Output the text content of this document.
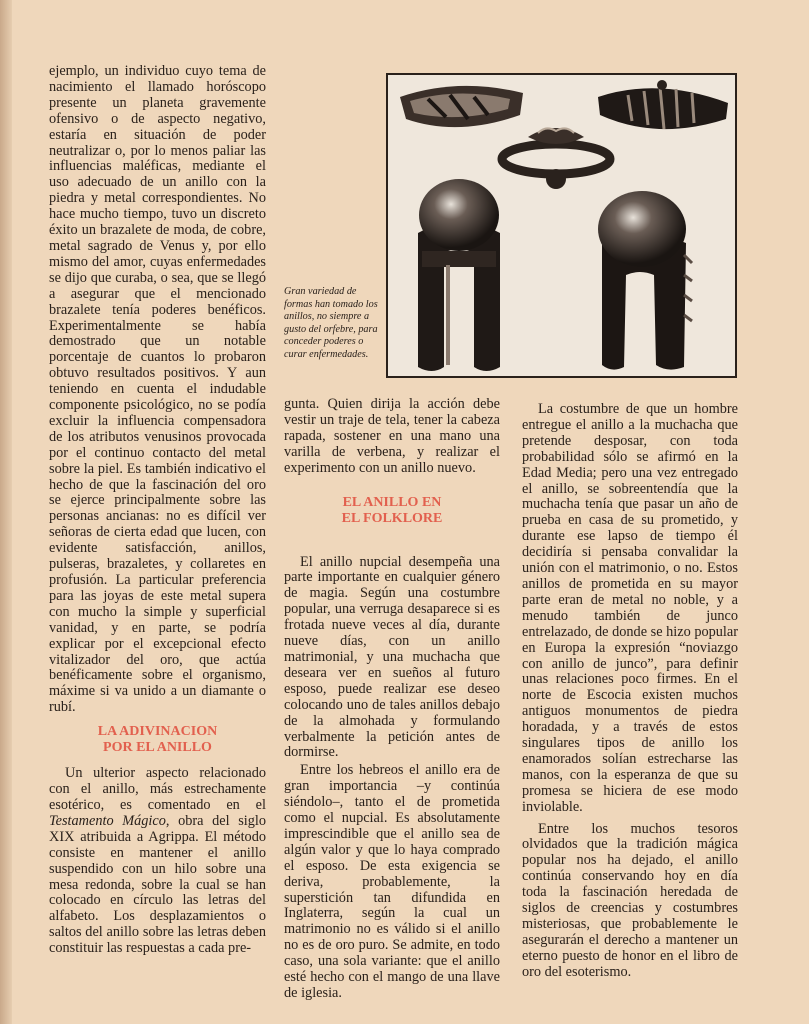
ejemplo, un individuo cuyo tema de nacimiento el llamado horóscopo presente un planeta gravemente ofensivo o de aspecto negativo, estaría en situación de poder neutralizar o, por lo menos paliar las influencias maléficas, mediante el uso adecuado de un anillo con la piedra y metal correspondientes. No hace mucho tiempo, tuvo un discreto éxito un brazalete de moda, de cobre, metal sagrado de Venus y, por ello mismo del amor, cuyas enfermedades se dijo que curaba, o sea, que se llegó a asegurar que el mencionado brazalete tenía poderes benéficos. Experimentalmente se había demostrado que un notable porcentaje de cuantos lo probaron obtuvo resultados positivos. Y aun teniendo en cuenta el indudable componente psicológico, no se podía excluir la influencia compensadora de los atributos venusinos provocada por el continuo contacto del metal sobre la piel. Es también indicativo el hecho de que la fascinación del oro se ejerce principalmente sobre las personas ancianas: no es difícil ver señoras de cierta edad que lucen, con evidente satisfacción, anillos, pulseras, brazaletes, y collaretes en profusión. La particular preferencia para las joyas de este metal supera con mucho la simple y superficial vanidad, y en parte, se podría explicar por el excepcional efecto vitalizador del oro, que actúa benéficamente sobre el organismo, máxime si va unido a un diamante o rubí.

LA ADIVINACION
POR EL ANILLO

Un ulterior aspecto relacionado con el anillo, más estrechamente esotérico, es comentado en el Testamento Mágico, obra del siglo XIX atribuida a Agrippa. El método consiste en mantener el anillo suspendido con un hilo sobre una mesa redonda, sobre la cual se han colocado en círculo las letras del alfabeto. Los desplazamientos o saltos del anillo sobre las letras deben constituir las respuestas a cada pre-

Gran variedad de formas han tomado los anillos, no siempre a gusto del orfebre, para conceder poderes o curar enfermedades.

gunta. Quien dirija la acción debe vestir un traje de tela, tener la cabeza rapada, sostener en una mano una varilla de verbena, y realizar el experimento con un anillo nuevo.

EL ANILLO EN
EL FOLKLORE

El anillo nupcial desempeña una parte importante en cualquier género de magia. Según una costumbre popular, una verruga desaparece si es frotada nueve veces al día, durante nueve días, con un anillo matrimonial, y una muchacha que deseara ver en sueños al futuro esposo, puede realizar ese deseo colocando uno de tales anillos debajo de la almohada y formulando verbalmente la petición antes de dormirse.

Entre los hebreos el anillo era de gran importancia –y continúa siéndolo–, tanto el de prometida como el nupcial. Es absolutamente imprescindible que el anillo sea de algún valor y que lo haya comprado el esposo. De esta exigencia se deriva, probablemente, la superstición tan difundida en Inglaterra, según la cual un matrimonio no es válido si el anillo no es de oro puro. Se admite, en todo caso, una sola variante: que el anillo esté hecho con el mango de una llave de iglesia.

La costumbre de que un hombre entregue el anillo a la muchacha que pretende desposar, con toda probabilidad sólo se afirmó en la Edad Media; pero una vez entregado el anillo, se sobreentendía que la muchacha tenía que pasar un año de prueba en casa de su prometido, y durante ese lapso de tiempo él decidiría si pensaba convalidar la unión con el matrimonio, o no. Estos anillos de prometida en su mayor parte eran de metal no noble, y a menudo también de junco entrelazado, de donde se hizo popular en Europa la expresión “noviazgo con anillo de junco”, para definir unas relaciones poco firmes. En el norte de Escocia existen muchos antiguos monumentos de piedra horadada, y a través de estos singulares tipos de anillo los enamorados solían estrecharse las manos, con la esperanza de que su promesa se hiciera de ese modo inviolable.

Entre los muchos tesoros olvidados que la tradición mágica popular nos ha dejado, el anillo continúa conservando hoy en día toda la fascinación heredada de siglos de creencias y costumbres misteriosas, que probablemente le asegurarán el derecho a mantener un eterno puesto de honor en el libro de oro del esoterismo.
